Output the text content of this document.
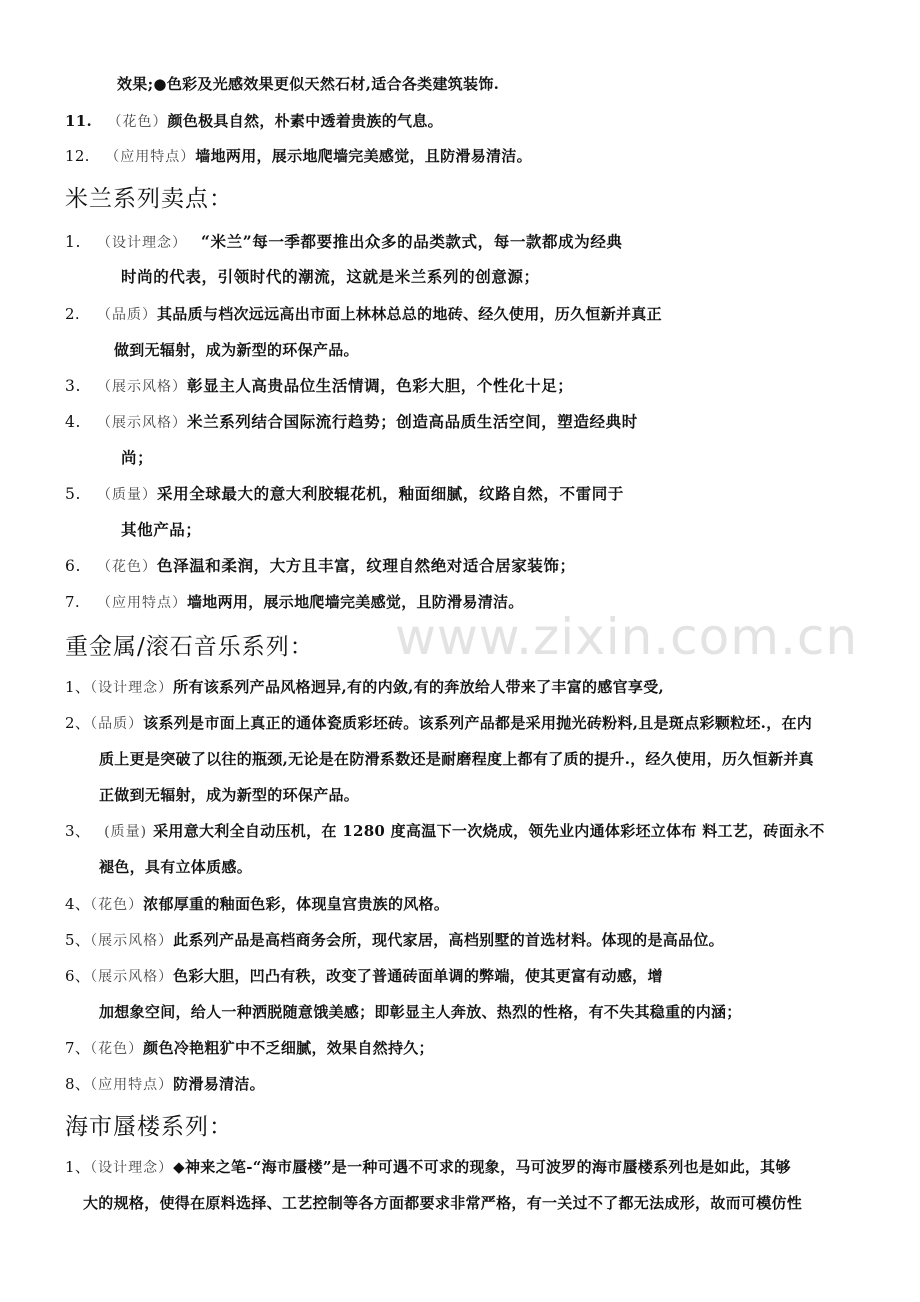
www.zixin.com.cn
效果;●色彩及光感效果更似天然石材,适合各类建筑装饰.
11. （花色）颜色极具自然，朴素中透着贵族的气息。
12. （应用特点）墙地两用，展示地爬墙完美感觉，且防滑易清洁。
米兰系列卖点：
1. （设计理念） “米兰”每一季都要推出众多的品类款式，每一款都成为经典
时尚的代表，引领时代的潮流，这就是米兰系列的创意源；
2. （品质）其品质与档次远远高出市面上林林总总的地砖、经久使用，历久恒新并真正
做到无辐射，成为新型的环保产品。
3. （展示风格）彰显主人高贵品位生活情调，色彩大胆，个性化十足；
4. （展示风格）米兰系列结合国际流行趋势；创造高品质生活空间，塑造经典时
尚；
5. （质量）采用全球最大的意大利胶辊花机，釉面细腻，纹路自然，不雷同于
其他产品；
6. （花色）色泽温和柔润，大方且丰富，纹理自然绝对适合居家装饰；
7. （应用特点）墙地两用，展示地爬墙完美感觉，且防滑易清洁。
重金属/滚石音乐系列：
1、（设计理念）所有该系列产品风格迥异,有的内敛,有的奔放给人带来了丰富的感官享受,
2、（品质）该系列是市面上真正的通体瓷质彩坯砖。该系列产品都是采用抛光砖粉料,且是斑点彩颗粒坯.，在内
质上更是突破了以往的瓶颈,无论是在防滑系数还是耐磨程度上都有了质的提升.，经久使用，历久恒新并真
正做到无辐射，成为新型的环保产品。
3、 (质量) 采用意大利全自动压机，在 1280 度高温下一次烧成，领先业内通体彩坯立体布 料工艺，砖面永不
褪色，具有立体质感。
4、（花色）浓郁厚重的釉面色彩，体现皇宫贵族的风格。
5、（展示风格）此系列产品是高档商务会所，现代家居，高档别墅的首选材料。体现的是高品位。
6、（展示风格）色彩大胆，凹凸有秩，改变了普通砖面单调的弊端，使其更富有动感，增
加想象空间，给人一种洒脱随意饿美感；即彰显主人奔放、热烈的性格，有不失其稳重的内涵；
7、（花色）颜色冷艳粗犷中不乏细腻，效果自然持久；
8、（应用特点）防滑易清洁。
海市蜃楼系列：
1、（设计理念）◆神来之笔-“海市蜃楼”是一种可遇不可求的现象，马可波罗的海市蜃楼系列也是如此，其够
大的规格，使得在原料选择、工艺控制等各方面都要求非常严格，有一关过不了都无法成形，故而可模仿性
